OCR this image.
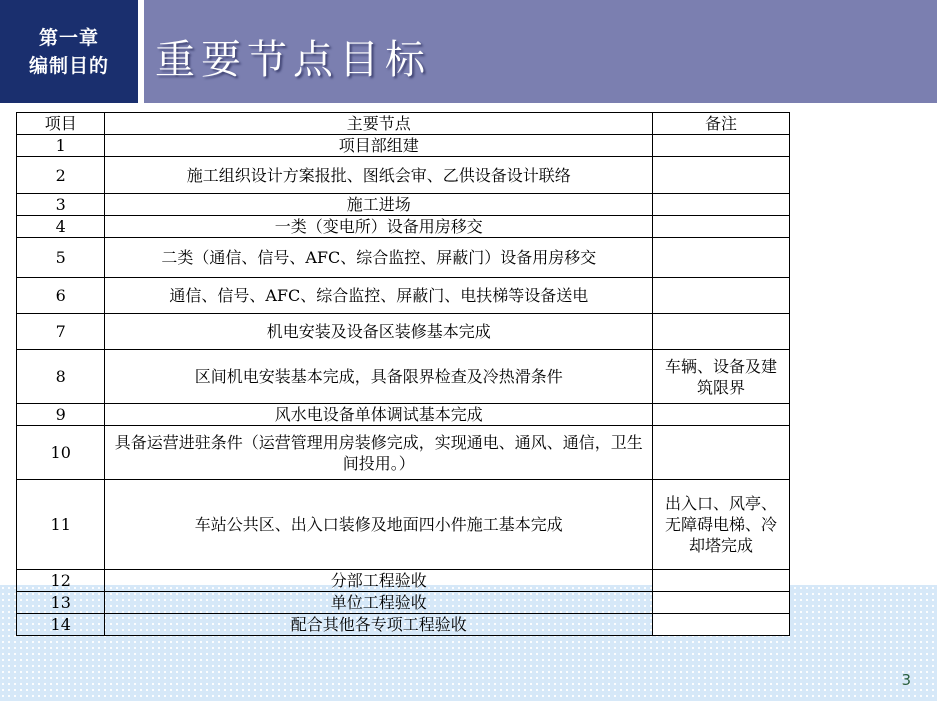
第一章
编制目的 重要节点目标
3
项目	主要节点	备注
1	项目部组建	
2	施工组织设计方案报批、图纸会审、乙供设备设计联络	
3	施工进场	
4	一类（变电所）设备用房移交	
5	二类（通信、信号、AFC、综合监控、屏蔽门）设备用房移交	
6	通信、信号、AFC、综合监控、屏蔽门、电扶梯等设备送电	
7	机电安装及设备区装修基本完成	
8	区间机电安装基本完成，具备限界检查及冷热滑条件	车辆、设备及建筑限界
9	风水电设备单体调试基本完成	
10	具备运营进驻条件（运营管理用房装修完成，实现通电、通风、通信，卫生间投用。）	
11	车站公共区、出入口装修及地面四小件施工基本完成	出入口、风亭、无障碍电梯、冷却塔完成
12	分部工程验收	
13	单位工程验收	
14	配合其他各专项工程验收	
